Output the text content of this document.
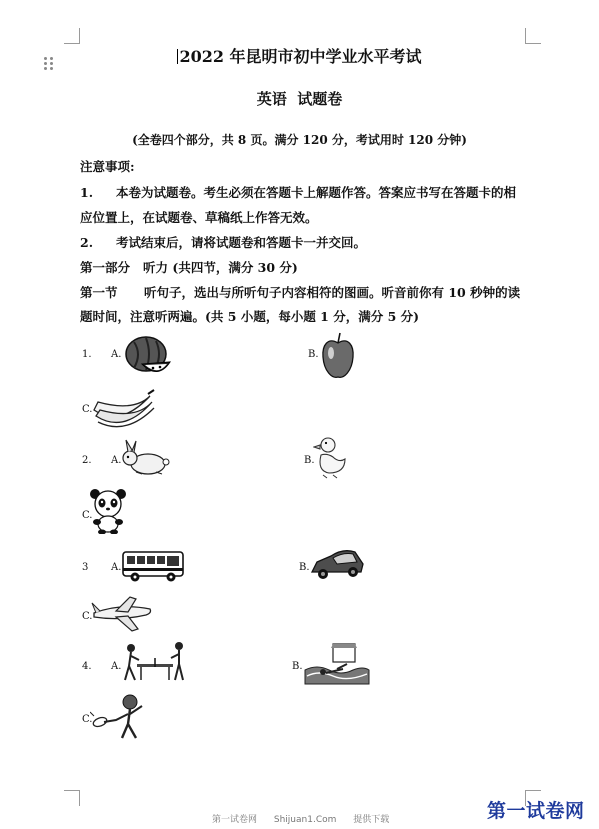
2022 年昆明市初中学业水平考试
英语  试题卷
(全卷四个部分，共 8 页。满分 120 分，考试用时 120 分钟)
注意事项:
1. 本卷为试题卷。考生必须在答题卡上解题作答。答案应书写在答题卡的相
应位置上，在试题卷、草稿纸上作答无效。
2. 考试结束后，请将试题卷和答题卡一并交回。
第一部分   听力 (共四节，满分 30 分)
第一节 听句子，选出与所听句子内容相符的图画。听音前你有 10 秒钟的读
题时间，注意听两遍。(共 5 小题，每小题 1 分，满分 5 分)
1. A.	B.
C.
2. A.	B.
C.
3 A.	B.
C.
4. A.	B.
C.
第一试卷网 Shijuan1.Com 提供下载	第一试卷网
